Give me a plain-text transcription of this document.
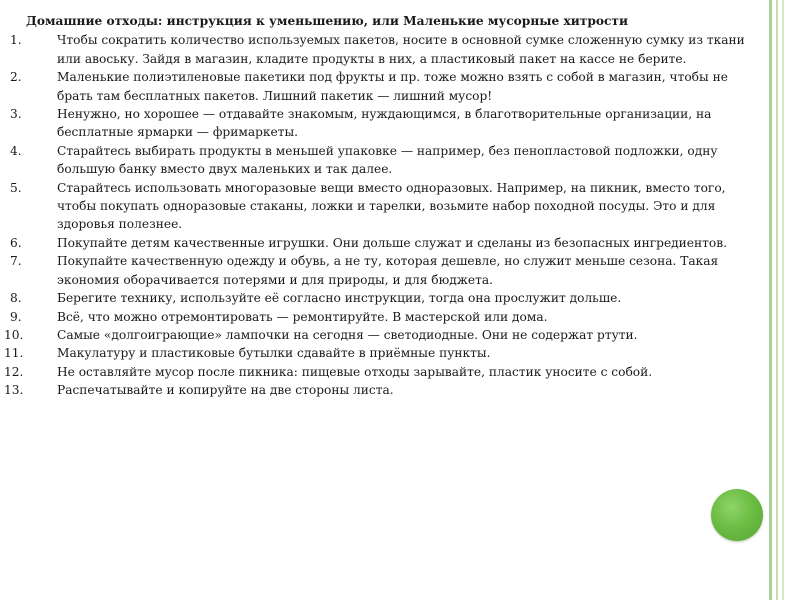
Домашние отходы: инструкция к уменьшению, или Маленькие мусорные хитрости
1.	Чтобы сократить количество используемых пакетов, носите в основной сумке сложенную сумку из ткани или авоську. Зайдя в магазин, кладите продукты в них, а пластиковый пакет на кассе не берите.
2.	Маленькие полиэтиленовые пакетики под фрукты и пр. тоже можно взять с собой в магазин, чтобы не брать там бесплатных пакетов. Лишний пакетик — лишний мусор!
3.	Ненужно, но хорошее — отдавайте знакомым, нуждающимся, в благотворительные организации, на бесплатные ярмарки — фримаркеты.
4.	Старайтесь выбирать продукты в меньшей упаковке — например, без пенопластовой подложки, одну большую банку вместо двух маленьких и так далее.
5.	Старайтесь использовать многоразовые вещи вместо одноразовых. Например, на пикник, вместо того, чтобы покупать одноразовые стаканы, ложки и тарелки, возьмите набор походной посуды. Это и для здоровья полезнее.
6.	Покупайте детям качественные игрушки. Они дольше служат и сделаны из безопасных ингредиентов.
7.	Покупайте качественную одежду и обувь, а не ту, которая дешевле, но служит меньше сезона. Такая экономия оборачивается потерями и для природы, и для бюджета.
8.	Берегите технику, используйте её согласно инструкции, тогда она прослужит дольше.
9.	Всё, что можно отремонтировать — ремонтируйте. В мастерской или дома.
10.	Самые «долгоиграющие» лампочки на сегодня — светодиодные. Они не содержат ртути.
11.	Макулатуру и пластиковые бутылки сдавайте в приёмные пункты.
12.	Не оставляйте мусор после пикника: пищевые отходы зарывайте, пластик уносите с собой.
13.	Распечатывайте и копируйте на две стороны листа.
